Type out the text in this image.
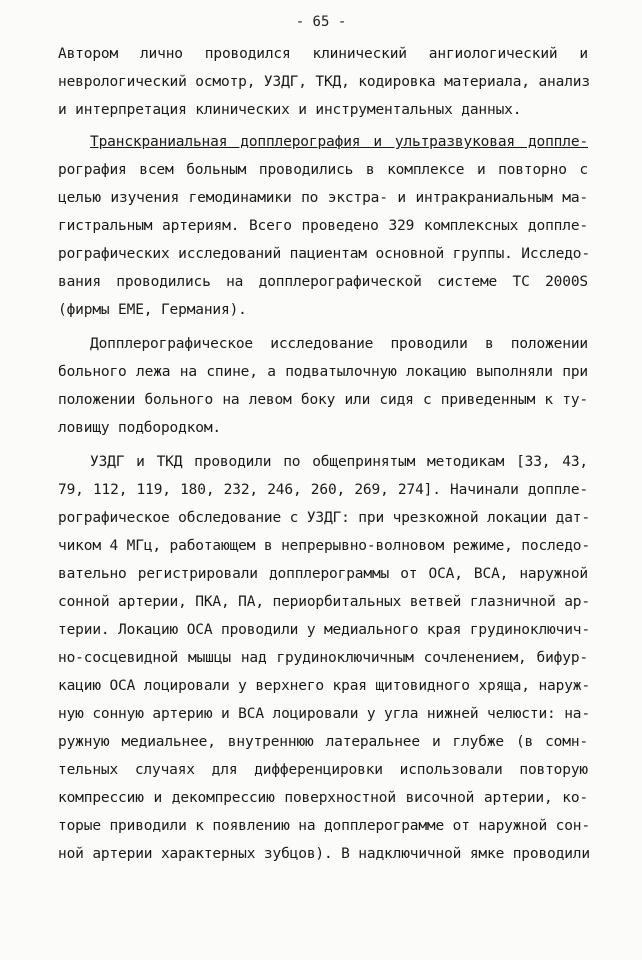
- 65 -
Автором лично проводился клинический ангиологический и
неврологический осмотр, УЗДГ, ТКД, кодировка материала, анализ
и интерпретация клинических и инструментальных данных.
Транскраниальная допплерография и ультразвуковая доппле-
рография всем больным проводились в комплексе и повторно с
целью изучения гемодинамики по экстра- и интракраниальным ма-
гистральным артериям. Всего проведено 329 комплексных допплe-
рографических исследований пациентам основной группы. Исследо-
вания проводились на допплерографической системе TC 2000S
(фирмы EME, Германия).
Допплерографическое исследование проводили в положении
больного лежа на спине, а подватылочную локацию выполняли при
положении больного на левом боку или сидя с приведенным к ту-
ловищу подбородком.
УЗДГ и ТКД проводили по общепринятым методикам [33, 43,
79, 112, 119, 180, 232, 246, 260, 269, 274]. Начинали допплe-
рографическое обследование с УЗДГ: при чрезкожной локации дат-
чиком 4 МГц, работающем в непрерывно-волновом режиме, последо-
вательно регистрировали допплерограммы от ОСА, ВСА, наружной
сонной артерии, ПКА, ПА, периорбитальных ветвей глазничной ар-
терии. Локацию ОСА проводили у медиального края грудиноключич-
но-сосцевидной мышцы над грудиноключичным сочленением, бифур-
кацию ОСА лоцировали у верхнего края щитовидного хряща, наруж-
ную сонную артерию и ВСА лоцировали у угла нижней челюсти: на-
ружную медиальнее, внутреннюю латеральнее и глубже (в сомн-
тельных случаях для дифференцировки использовали повторую
компрессию и декомпрессию поверхностной височной артерии, ко-
торые приводили к появлению на допплерограмме от наружной сон-
ной артерии характерных зубцов). В надключичной ямке проводили
